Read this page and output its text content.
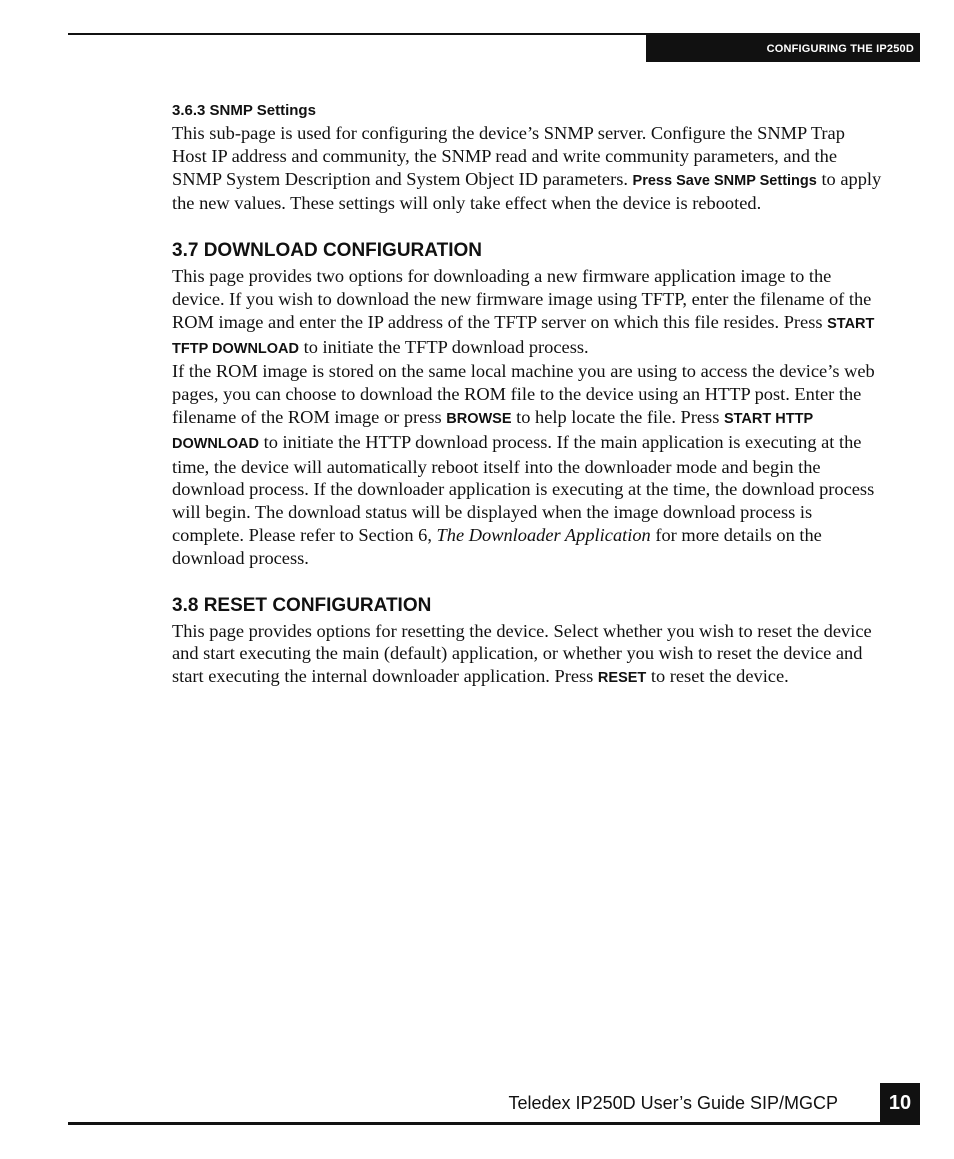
CONFIGURING THE IP250D
3.6.3 SNMP Settings

This sub-page is used for configuring the device’s SNMP server. Configure the SNMP Trap Host IP address and community, the SNMP read and write community parameters, and the SNMP System Description and System Object ID parameters. Press Save SNMP Settings to apply the new values. These settings will only take effect when the device is rebooted.

3.7 DOWNLOAD CONFIGURATION

This page provides two options for downloading a new firmware application image to the device. If you wish to download the new firmware image using TFTP, enter the filename of the ROM image and enter the IP address of the TFTP server on which this file resides. Press START TFTP DOWNLOAD to initiate the TFTP download process.

If the ROM image is stored on the same local machine you are using to access the device’s web pages, you can choose to download the ROM file to the device using an HTTP post. Enter the filename of the ROM image or press BROWSE to help locate the file. Press START HTTP DOWNLOAD to initiate the HTTP download process. If the main application is executing at the time, the device will automatically reboot itself into the downloader mode and begin the download process. If the downloader application is executing at the time, the download process will begin. The download status will be displayed when the image download process is complete. Please refer to Section 6, The Downloader Application for more details on the download process.

3.8 RESET CONFIGURATION

This page provides options for resetting the device. Select whether you wish to reset the device and start executing the main (default) application, or whether you wish to reset the device and start executing the internal downloader application. Press RESET to reset the device.

Teledex IP250D User’s Guide SIP/MGCP	10
